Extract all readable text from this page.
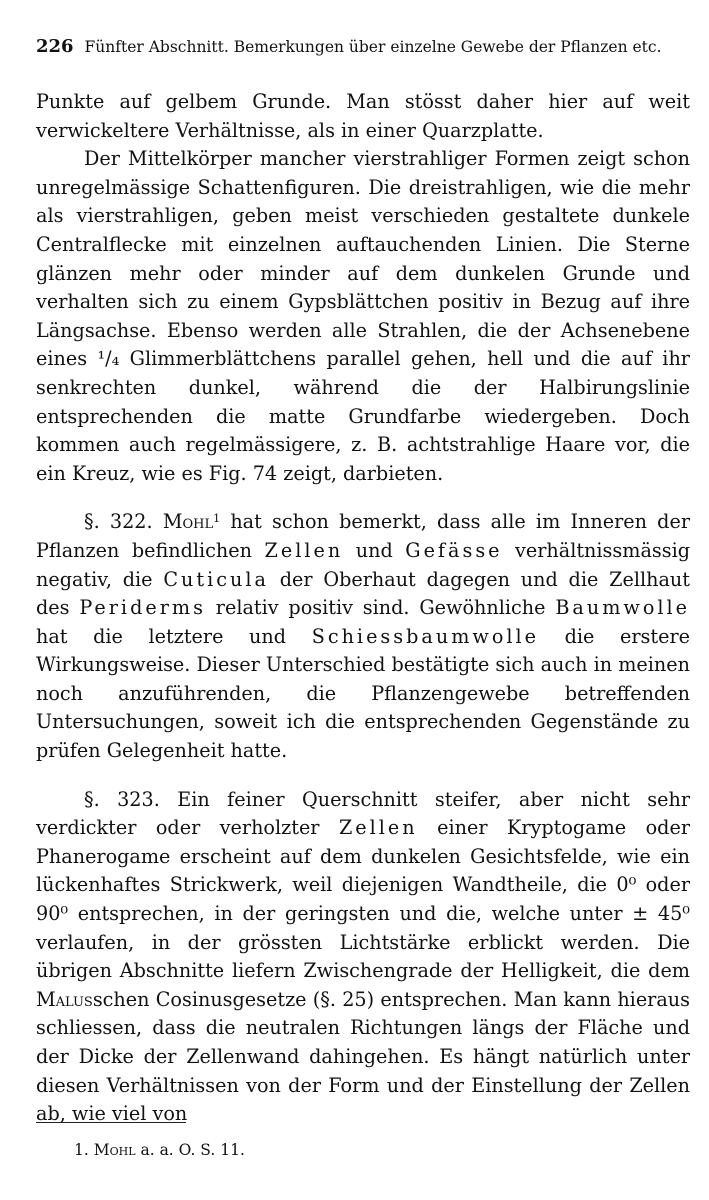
226 Fünfter Abschnitt. Bemerkungen über einzelne Gewebe der Pflanzen etc.

Punkte auf gelbem Grunde. Man stösst daher hier auf weit verwickeltere Verhältnisse, als in einer Quarzplatte.

Der Mittelkörper mancher vierstrahliger Formen zeigt schon unregelmässige Schattenfiguren. Die dreistrahligen, wie die mehr als vierstrahligen, geben meist verschieden gestaltete dunkele Centralflecke mit einzelnen auftauchenden Linien. Die Sterne glänzen mehr oder minder auf dem dunkelen Grunde und verhalten sich zu einem Gypsblättchen positiv in Bezug auf ihre Längsachse. Ebenso werden alle Strahlen, die der Achsenebene eines ¹/₄ Glimmerblättchens parallel gehen, hell und die auf ihr senkrechten dunkel, während die der Halbirungslinie entsprechenden die matte Grundfarbe wiedergeben. Doch kommen auch regelmässigere, z. B. achtstrahlige Haare vor, die ein Kreuz, wie es Fig. 74 zeigt, darbieten.

§. 322. Mohl$^1$ hat schon bemerkt, dass alle im Inneren der Pflanzen befindlichen Zellen und Gefässe verhältnissmässig negativ, die Cuticula der Oberhaut dagegen und die Zellhaut des Periderms relativ positiv sind. Gewöhnliche Baumwolle hat die letztere und Schiessbaumwolle die erstere Wirkungsweise. Dieser Unterschied bestätigte sich auch in meinen noch anzuführenden, die Pflanzengewebe betreffenden Untersuchungen, soweit ich die entsprechenden Gegenstände zu prüfen Gelegenheit hatte.

§. 323. Ein feiner Querschnitt steifer, aber nicht sehr verdickter oder verholzter Zellen einer Kryptogame oder Phanerogame erscheint auf dem dunkelen Gesichtsfelde, wie ein lückenhaftes Strickwerk, weil diejenigen Wandtheile, die 0⁰ oder 90⁰ entsprechen, in der geringsten und die, welche unter ± 45⁰ verlaufen, in der grössten Lichtstärke erblickt werden. Die übrigen Abschnitte liefern Zwischengrade der Helligkeit, die dem Malusschen Cosinusgesetze (§. 25) entsprechen. Man kann hieraus schliessen, dass die neutralen Richtungen längs der Fläche und der Dicke der Zellenwand dahingehen. Es hängt natürlich unter diesen Verhältnissen von der Form und der Einstellung der Zellen ab, wie viel von

1. Mohl a. a. O. S. 11.
